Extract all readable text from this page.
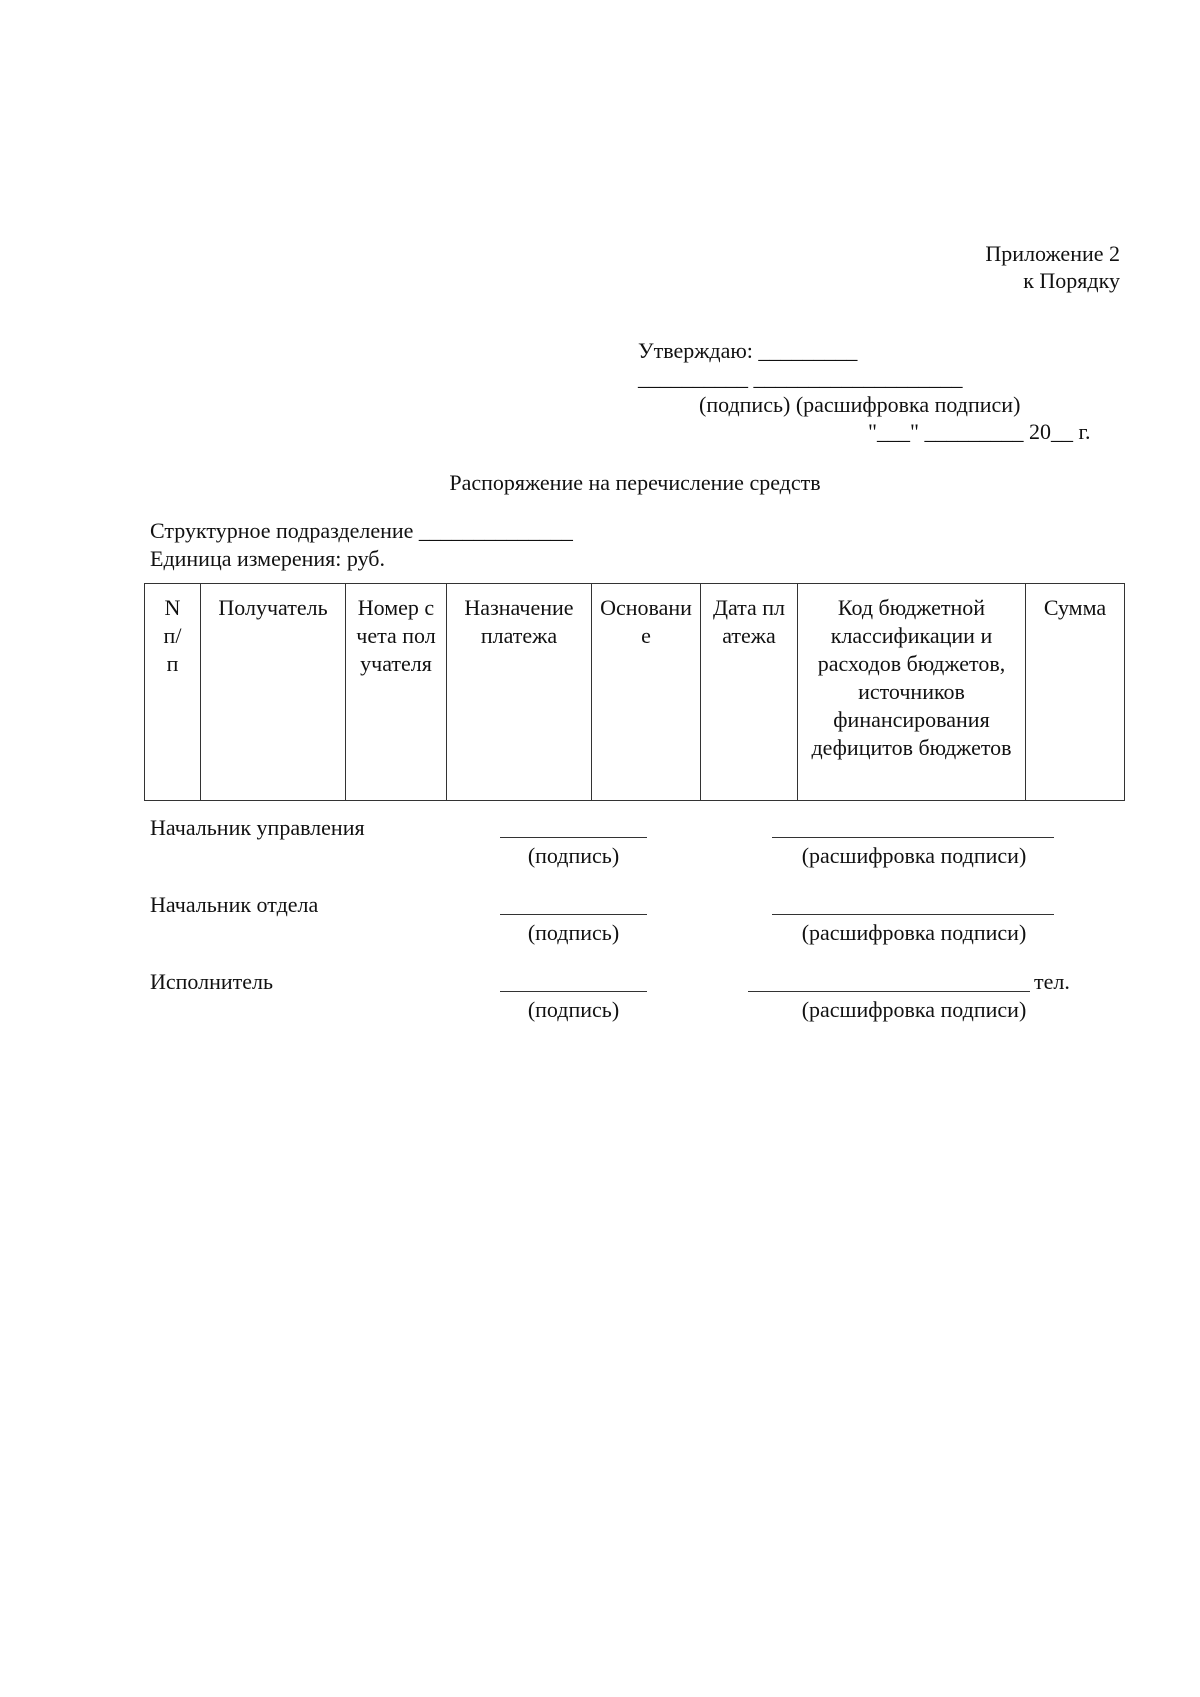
Приложение 2
к Порядку
Утверждаю: _________
__________ ___________________
(подпись) (расшифровка подписи)
"___" _________ 20__ г.
Распоряжение на перечисление средств
Структурное подразделение ______________
Единица измерения: руб.
N п/п	Получатель	Номер счета получателя	Назначение платежа	Основание	Дата платежа	Код бюджетной классификации и расходов бюджетов, источников финансирования дефицитов бюджетов	Сумма
Начальник управления
(подпись)	(расшифровка подписи)
Начальник отдела
(подпись)	(расшифровка подписи)
Исполнитель	тел.
(подпись)	(расшифровка подписи)
